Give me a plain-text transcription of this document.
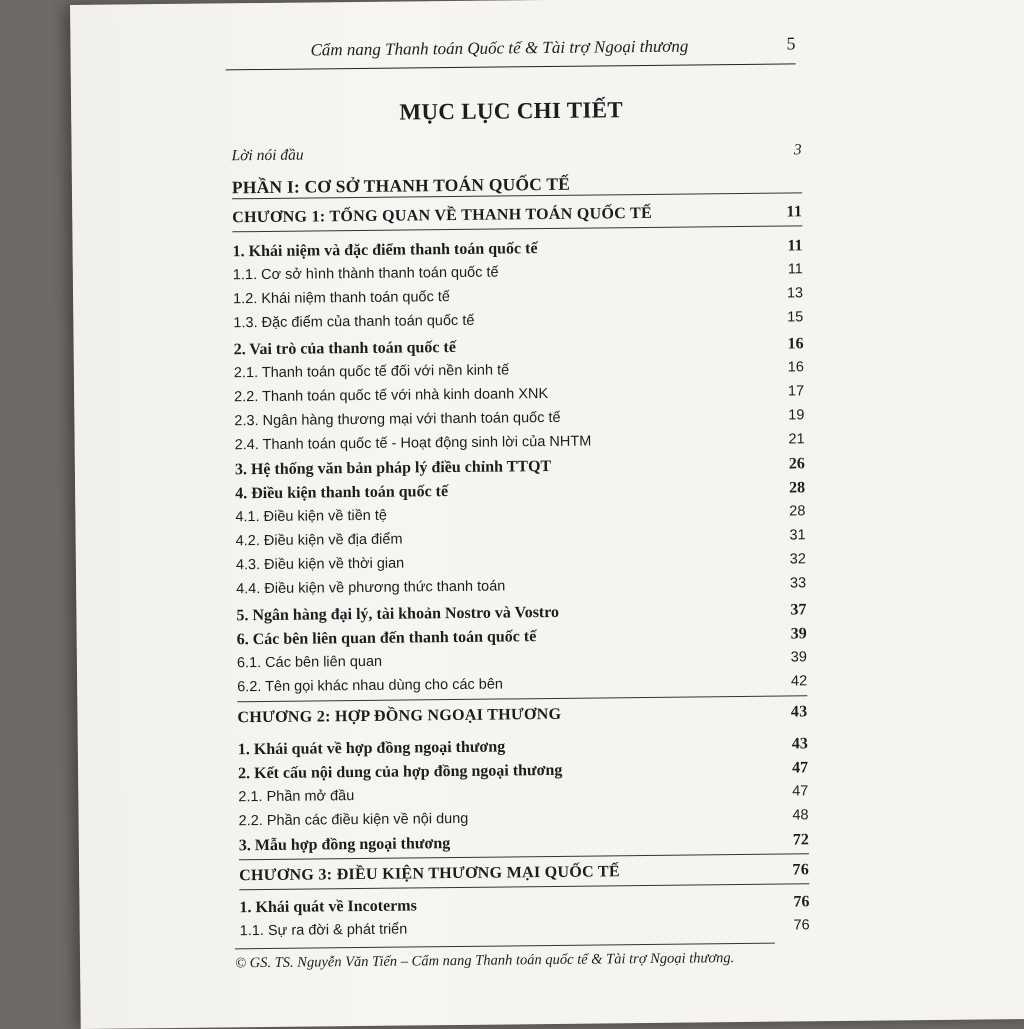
Cẩm nang Thanh toán Quốc tế & Tài trợ Ngoại thương	5
MỤC LỤC CHI TIẾT
Lời nói đầu	3
PHẦN I: CƠ SỞ THANH TOÁN QUỐC TẾ
CHƯƠNG 1: TỔNG QUAN VỀ THANH TOÁN QUỐC TẾ	11
1. Khái niệm và đặc điểm thanh toán quốc tế	11
1.1. Cơ sở hình thành thanh toán quốc tế	11
1.2. Khái niệm thanh toán quốc tế	13
1.3. Đặc điểm của thanh toán quốc tế	15
2. Vai trò của thanh toán quốc tế	16
2.1. Thanh toán quốc tế đối với nền kinh tế	16
2.2. Thanh toán quốc tế với nhà kinh doanh XNK	17
2.3. Ngân hàng thương mại với thanh toán quốc tế	19
2.4. Thanh toán quốc tế - Hoạt động sinh lời của NHTM	21
3. Hệ thống văn bản pháp lý điều chỉnh TTQT	26
4. Điều kiện thanh toán quốc tế	28
4.1. Điều kiện về tiền tệ	28
4.2. Điều kiện về địa điểm	31
4.3. Điều kiện về thời gian	32
4.4. Điều kiện về phương thức thanh toán	33
5. Ngân hàng đại lý, tài khoản Nostro và Vostro	37
6. Các bên liên quan đến thanh toán quốc tế	39
6.1. Các bên liên quan	39
6.2. Tên gọi khác nhau dùng cho các bên	42
CHƯƠNG 2: HỢP ĐỒNG NGOẠI THƯƠNG	43
1. Khái quát về hợp đồng ngoại thương	43
2. Kết cấu nội dung của hợp đồng ngoại thương	47
2.1. Phần mở đầu	47
2.2. Phần các điều kiện về nội dung	48
3. Mẫu hợp đồng ngoại thương	72
CHƯƠNG 3: ĐIỀU KIỆN THƯƠNG MẠI QUỐC TẾ	76
1. Khái quát về Incoterms	76
1.1. Sự ra đời & phát triển	76
© GS. TS. Nguyễn Văn Tiến – Cẩm nang Thanh toán quốc tế & Tài trợ Ngoại thương.
